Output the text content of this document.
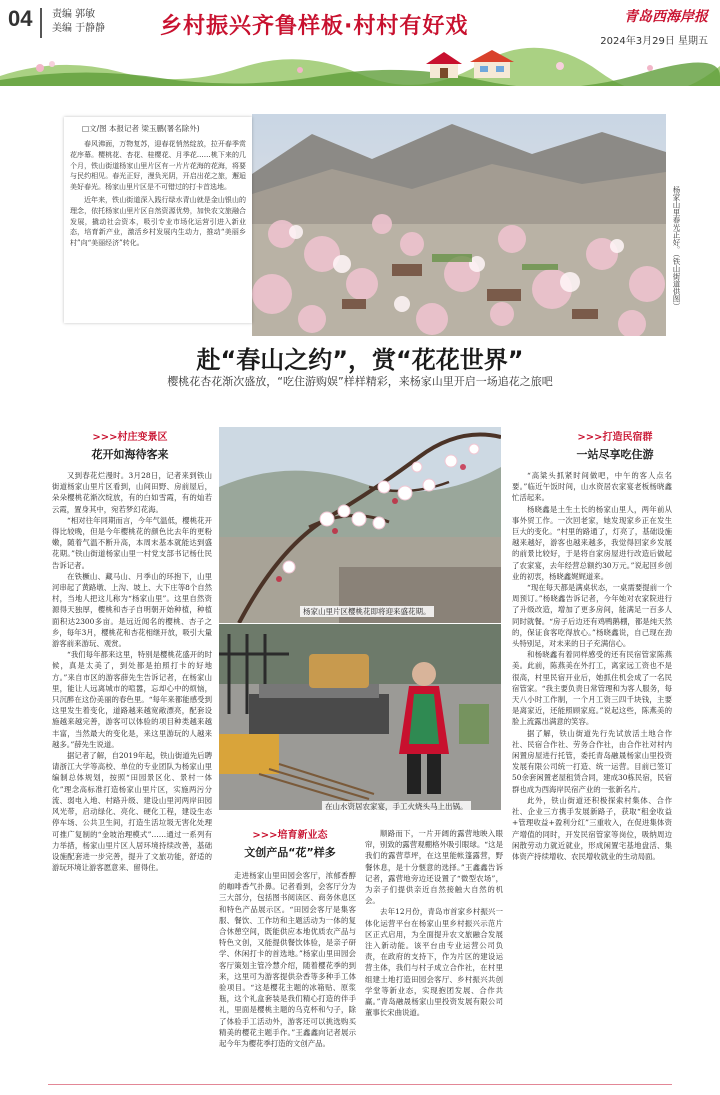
04 责编 郭敏
美编 于静静 乡村振兴齐鲁样板·村村有好戏	青岛西海岸报
2024年3月29日 星期五
杨家山里春光正好。（铁山街道供图）
□文/图 本报记者 梁玉鹏(署名除外)

春风沸面，万物复苏，迎春花悄然绽放，拉开春季赏花序幕。樱桃花、杏花、桂樱花、月季花……桃下来的几个月，铁山街道杨家山里片区有一片片花海的花海，将要与民约相见。春光正好，漫负光阴，开启出花之旅，邂逅美好春光。杨家山里片区是不可错过的打卡首选地。

近年来，铁山街道深入践行绿水青山就是金山银山的理念，依托杨家山里片区自然资源优势，加快农文旅融合发展，撬动社会资本，吸引专业市场化运营引进入新业态，培育新产业，激活乡村发展内生动力，推动“美丽乡村”向“美丽经济”转化。

赴“春山之约”，赏“花花世界”
樱桃花杏花渐次盛放，“吃住游购娱”样样精彩，来杨家山里开启一场追花之旅吧
>>>村庄变景区
花开如海待客来

又到春花烂漫时。3月28日，记者来到铁山街道杨家山里片区看到，山间田野、房前屋后，朵朵樱桃花渐次绽放，有的白如雪霞，有的灿若云霞，置身其中，宛若梦幻花海。

“相对往年同期而言，今年气温低，樱桃花开得比较晚，但是今年樱桃花的颜色比去年的更粉嫩，随着气温不断升高，本周末基本就能达到盛花期。”铁山街道杨家山里一村党支部书记杨仕民告诉记者。

在铁橛山、藏马山、月季山的环抱下，山里河串起了黄路墩、上沟、坡上、大下庄等8个自然村，当地人把这儿称为“杨家山里”。这里自然资源得天独厚，樱桃和杏子自明朝开始种植，种植面积达2300多亩。是远近闻名的樱桃、杏子之乡，每年3月，樱桃花和杏花相继开放，吸引大量游客前来游玩、观赏。

“我们每年都来这里，特别是樱桃花盛开的时候，真是太美了，到处都是拍照打卡的好地方。”来自市区的游客薛先生告诉记者，在杨家山里，能让人远离城市的喧嚣，忘却心中的烦恼，只沉醉在这份美丽的春色里。“每年来都能感受到这里发生着变化，道路越来越宽敞漂亮，配套设施越来越完善，游客可以体验的项目种类越来越丰富，当然最大的变化是，来这里游玩的人越来越多。”薛先生说道。

据记者了解，自2019年起，铁山街道先后聘请浙江大学等高校、单位的专业团队为杨家山里编制总体规划，按照“田园景区化、景村一体化”理念高标准打造杨家山里片区，实施两污分流、弱电入地、村路升级、建设山里河两岸田园风光带，启动绿化、亮化、硬化工程，建设生态停车场、公共卫生间，打造生活垃圾无害化处理可推广复制的“金坡治理模式”……通过一系列有力举措，杨家山里片区人居环境持续改善，基础设施配套进一步完善，提升了文旅功能，舒适的游玩环境让游客愿意来、留得住。

杨家山里片区樱桃花即将迎来盛花期。
在山水资居农家宴，手工火烧头马上出锅。
>>>培育新业态
文创产品“花”样多

走进杨家山里田园会客厅，浓郁香醇的咖啡香气扑鼻。记者看到，会客厅分为三大部分，包括图书阅读区、商务休息区和特色产品展示区。“田园会客厅是集客服、餐饮、工作坊和主题活动为一体的复合休憩空间，既能供应本地优质农产品与特色文创，又能提供餐饮体验，是亲子研学、休闲打卡的首选地。”杨家山里田园会客厅策划主管冷慧介绍，随着樱花季的到来，这里可为游客提供杂香等多种手工体验项目。“这是樱花主题的冰箱贴、原浆瓶，这个礼盒套装是我们精心打造的伴手礼，里面是樱桃主题的乌克杯和勺子，除了体验手工活动外，游客还可以挑选购买精美的樱花主题手作。”王鑫鑫向记者展示起今年为樱花季打造的文创产品。

顺路而下，一片开阔的露营地映入眼帘，别致的露营观棚格外吸引眼球。“这是我们的露营草坪，在这里能帐篷露营，野餐休息，是十分惬意的选择。”王鑫鑫告诉记者，露营地旁边还设置了“微型农场”，为亲子们提供亲近自然接触大自然的机会。

去年12月份，青岛市首家乡村振兴一体化运营平台在杨家山里乡村振兴示范片区正式启用，为全面提升农文旅融合发展注入新动能。该平台由专业运营公司负责，在政府的支持下，作为片区的建设运营主体，我们与村子成立合作社，在村里组建土地打造田园会客厅、乡村振兴共创学堂等新业态，实现抱团发展、合作共赢。”青岛融晟杨家山里投资发展有限公司董事长宋曲说道。

>>>打造民宿群
一站尽享吃住游

“高粱头抓紧时间做吧，中午的客人点名要。”临近午饭时间，山水资居农家宴老板杨晓鑫忙活起来。

杨晓鑫是土生土长的杨家山里人，两年前从事外贸工作。一次回老家，她发现家乡正在发生巨大的变化。“村里的路通了，灯亮了，基础设施越来越好，游客也越来越多，我觉得回家乡发展的前景比较好，于是将自家房屋进行改造后做起了农家宴，去年经营总额约30万元。”说起回乡创业的初衷，杨晓鑫娓娓道来。

“现在每天都是满桌状态，一桌需要提前一个周预订。”杨晓鑫告诉记者，今年她对农家院进行了升级改造，增加了更多房间，能满足一百多人同时就餐。“房子后边还有鸡鸭鹅棚，都是纯天然的，保证食客吃得放心。”杨晓鑫说，自己现在劲头特别足，对未来的日子充满信心。

和杨晓鑫有着同样感受的还有民宿管家陈燕美。此前，陈燕美在外打工，离家远工资也不是很高，村里民宿开业后，她抓住机会成了一名民宿管家。“我主要负责日常管理和为客人服务，每天八小时工作制，一个月工资三四千块钱，主要是离家近，还能照顾家庭。”说起这些，陈燕美的脸上流露出满意的笑容。

据了解，铁山街道先行先试放活土地合作社、民宿合作社、劳务合作社，由合作社对村内闲置房屋进行托管，委托青岛融晟杨家山里投资发展有限公司统一打造、统一运营。目前已签订50余套闲置老屋租赁合同，建成30栋民宿，民宿群也成为西海岸民宿产业的一张新名片。

此外，铁山街道还积极探索村集体、合作社、企业三方携手发展新路子，获取“租金收益+管理收益+盈利分红”三重收入，在促进集体资产增值的同时，开发民宿管家等岗位，吸纳周边闲散劳动力就近就业，形成闲置宅基地盘活、集体资产持续增收、农民增收就业的生动局面。
